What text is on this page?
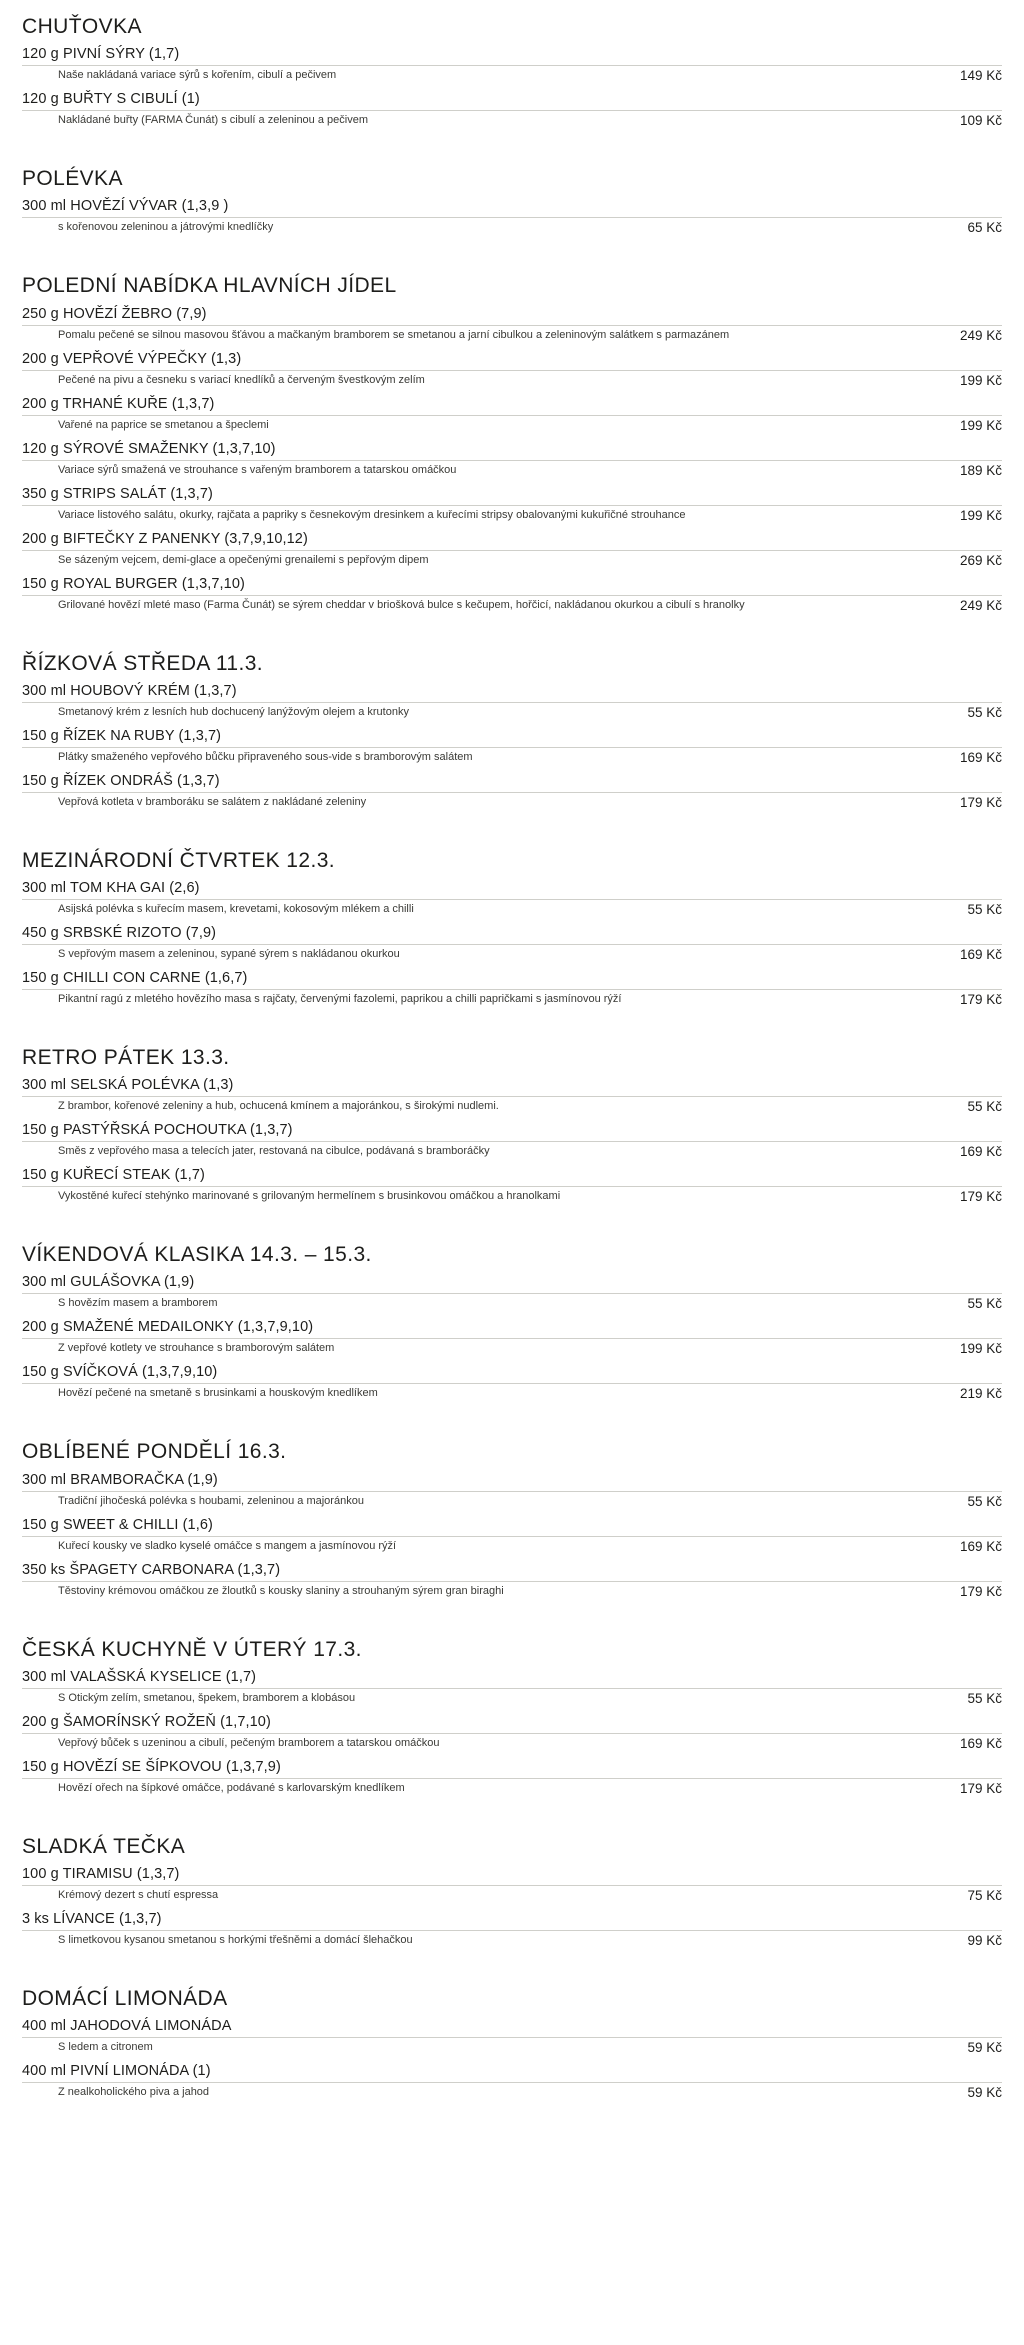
CHUŤOVKA
120 g PIVNÍ SÝRY (1,7)
Naše nakládaná variace sýrů s kořením, cibulí a pečivem	149 Kč
120 g BUŘTY S CIBULÍ (1)
Nakládané buřty (FARMA Čunát) s cibulí a zeleninou a pečivem	109 Kč
POLÉVKA
300 ml HOVĚZÍ VÝVAR (1,3,9 )
s kořenovou zeleninou a játrovými knedlíčky	65 Kč
POLEDNÍ NABÍDKA HLAVNÍCH JÍDEL
250 g HOVĚZÍ ŽEBRO (7,9)
Pomalu pečené se silnou masovou šťávou a mačkaným bramborem se smetanou a jarní cibulkou a zeleninovým salátkem s parmazánem	249 Kč
200 g VEPŘOVÉ VÝPEČKY (1,3)
Pečené na pivu a česneku s variací knedlíků a červeným švestkovým zelím	199 Kč
200 g TRHANÉ KUŘE (1,3,7)
Vařené na paprice se smetanou a špeclemi	199 Kč
120 g SÝROVÉ SMAŽENKY (1,3,7,10)
Variace sýrů smažená ve strouhance s vařeným bramborem a tatarskou omáčkou	189 Kč
350 g STRIPS SALÁT (1,3,7)
Variace listového salátu, okurky, rajčata a papriky s česnekovým dresinkem a kuřecími stripsy obalovanými kukuřičné strouhance	199 Kč
200 g BIFTEČKY Z PANENKY (3,7,9,10,12)
Se sázeným vejcem, demi-glace a opečenými grenailemi s pepřovým dipem	269 Kč
150 g ROYAL BURGER (1,3,7,10)
Grilované hovězí mleté maso (Farma Čunát) se sýrem cheddar v briošková bulce s kečupem, hořčicí, nakládanou okurkou a cibulí s hranolky	249 Kč
ŘÍZKOVÁ STŘEDA 11.3.
300 ml HOUBOVÝ KRÉM (1,3,7)
Smetanový krém z lesních hub dochucený lanýžovým olejem a krutonky	55 Kč
150 g ŘÍZEK NA RUBY (1,3,7)
Plátky smaženého vepřového bůčku připraveného sous-vide s bramborovým salátem	169 Kč
150 g ŘÍZEK ONDRÁŠ (1,3,7)
Vepřová kotleta v bramboráku se salátem z nakládané zeleniny	179 Kč
MEZINÁRODNÍ ČTVRTEK 12.3.
300 ml TOM KHA GAI (2,6)
Asijská polévka s kuřecím masem, krevetami, kokosovým mlékem a chilli	55 Kč
450 g SRBSKÉ RIZOTO (7,9)
S vepřovým masem a zeleninou, sypané sýrem s nakládanou okurkou	169 Kč
150 g CHILLI CON CARNE (1,6,7)
Pikantní ragú z mletého hovězího masa s rajčaty, červenými fazolemi, paprikou a chilli papričkami s jasmínovou rýží	179 Kč
RETRO PÁTEK 13.3.
300 ml SELSKÁ POLÉVKA (1,3)
Z brambor, kořenové zeleniny a hub, ochucená kmínem a majoránkou, s širokými nudlemi.	55 Kč
150 g PASTÝŘSKÁ POCHOUTKA (1,3,7)
Směs z vepřového masa a telecích jater, restovaná na cibulce, podávaná s bramboráčky	169 Kč
150 g KUŘECÍ STEAK (1,7)
Vykostěné kuřecí stehýnko marinované s grilovaným hermelínem s brusinkovou omáčkou a hranolkami	179 Kč
VÍKENDOVÁ KLASIKA 14.3. – 15.3.
300 ml GULÁŠOVKA (1,9)
S hovězím masem a bramborem	55 Kč
200 g SMAŽENÉ MEDAILONKY (1,3,7,9,10)
Z vepřové kotlety ve strouhance s bramborovým salátem	199 Kč
150 g SVÍČKOVÁ (1,3,7,9,10)
Hovězí pečené na smetaně s brusinkami a houskovým knedlíkem	219 Kč
OBLÍBENÉ PONDĚLÍ 16.3.
300 ml BRAMBORAČKA (1,9)
Tradiční jihočeská polévka s houbami, zeleninou a majoránkou	55 Kč
150 g SWEET & CHILLI (1,6)
Kuřecí kousky ve sladko kyselé omáčce s mangem a jasmínovou rýží	169 Kč
350 ks ŠPAGETY CARBONARA (1,3,7)
Těstoviny krémovou omáčkou ze žloutků s kousky slaniny a strouhaným sýrem gran biraghi	179 Kč
ČESKÁ KUCHYNĚ V ÚTERÝ 17.3.
300 ml VALAŠSKÁ KYSELICE (1,7)
S Otickým zelím, smetanou, špekem, bramborem a klobásou	55 Kč
200 g ŠAMORÍNSKÝ ROŽEŇ (1,7,10)
Vepřový bůček s uzeninou a cibulí, pečeným bramborem a tatarskou omáčkou	169 Kč
150 g HOVĚZÍ SE ŠÍPKOVOU (1,3,7,9)
Hovězí ořech na šípkové omáčce, podávané s karlovarským knedlíkem	179 Kč
SLADKÁ TEČKA
100 g TIRAMISU (1,3,7)
Krémový dezert s chutí espressa	75 Kč
3 ks LÍVANCE (1,3,7)
S limetkovou kysanou smetanou s horkými třešněmi a domácí šlehačkou	99 Kč
DOMÁCÍ LIMONÁDA
400 ml JAHODOVÁ LIMONÁDA
S ledem a citronem	59 Kč
400 ml PIVNÍ LIMONÁDA (1)
Z nealkoholického piva a jahod	59 Kč
